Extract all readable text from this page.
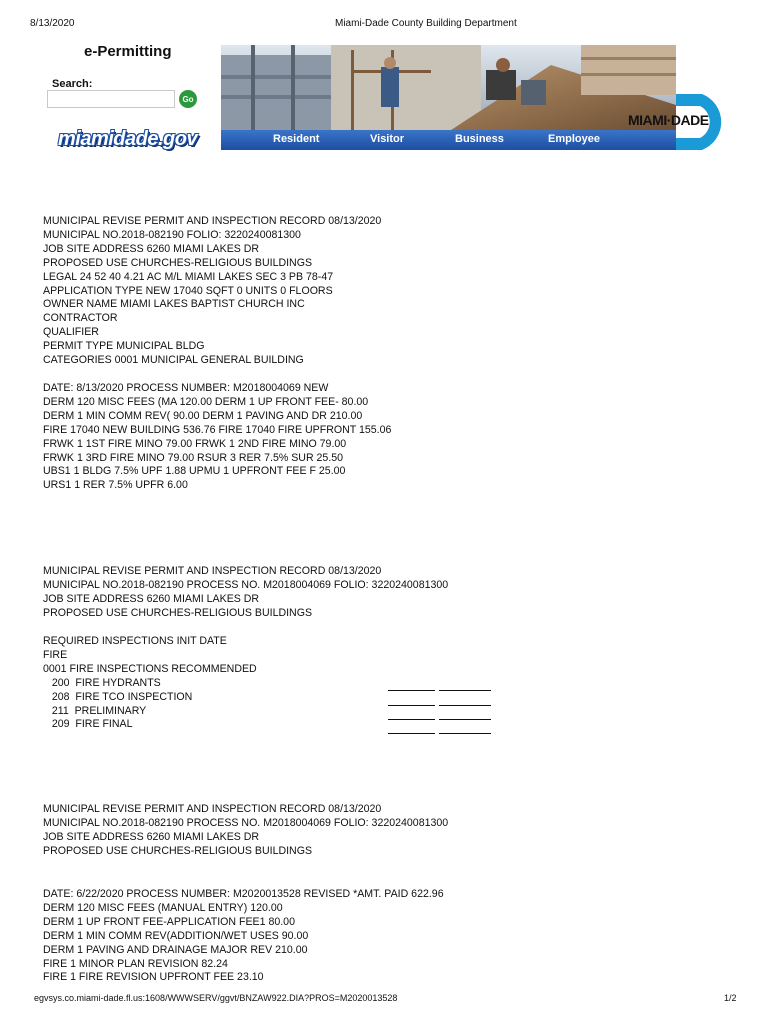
8/13/2020	Miami-Dade County Building Department
e-Permitting
Search:
Go
miamidade.gov	Resident	Visitor	Business	Employee
MIAMI·DADE
MUNICIPAL REVISE PERMIT AND INSPECTION RECORD 08/13/2020
MUNICIPAL NO.2018-082190 FOLIO: 3220240081300
JOB SITE ADDRESS 6260 MIAMI LAKES DR
PROPOSED USE CHURCHES-RELIGIOUS BUILDINGS
LEGAL 24 52 40 4.21 AC M/L MIAMI LAKES SEC 3 PB 78-47
APPLICATION TYPE NEW 17040 SQFT 0 UNITS 0 FLOORS
OWNER NAME MIAMI LAKES BAPTIST CHURCH INC
CONTRACTOR
QUALIFIER
PERMIT TYPE MUNICIPAL BLDG
CATEGORIES 0001 MUNICIPAL GENERAL BUILDING
DATE: 8/13/2020 PROCESS NUMBER: M2018004069 NEW
DERM 120 MISC FEES (MA 120.00 DERM 1 UP FRONT FEE- 80.00
DERM 1 MIN COMM REV( 90.00 DERM 1 PAVING AND DR 210.00
FIRE 17040 NEW BUILDING 536.76 FIRE 17040 FIRE UPFRONT 155.06
FRWK 1 1ST FIRE MINO 79.00 FRWK 1 2ND FIRE MINO 79.00
FRWK 1 3RD FIRE MINO 79.00 RSUR 3 RER 7.5% SUR 25.50
UBS1 1 BLDG 7.5% UPF 1.88 UPMU 1 UPFRONT FEE F 25.00
URS1 1 RER 7.5% UPFR 6.00
MUNICIPAL REVISE PERMIT AND INSPECTION RECORD 08/13/2020
MUNICIPAL NO.2018-082190 PROCESS NO. M2018004069 FOLIO: 3220240081300
JOB SITE ADDRESS 6260 MIAMI LAKES DR
PROPOSED USE CHURCHES-RELIGIOUS BUILDINGS
REQUIRED INSPECTIONS INIT DATE
FIRE
0001 FIRE INSPECTIONS RECOMMENDED
200  FIRE HYDRANTS
208  FIRE TCO INSPECTION
211  PRELIMINARY
209  FIRE FINAL
MUNICIPAL REVISE PERMIT AND INSPECTION RECORD 08/13/2020
MUNICIPAL NO.2018-082190 PROCESS NO. M2018004069 FOLIO: 3220240081300
JOB SITE ADDRESS 6260 MIAMI LAKES DR
PROPOSED USE CHURCHES-RELIGIOUS BUILDINGS
DATE: 6/22/2020 PROCESS NUMBER: M2020013528 REVISED *AMT. PAID 622.96
DERM 120 MISC FEES (MANUAL ENTRY) 120.00
DERM 1 UP FRONT FEE-APPLICATION FEE1 80.00
DERM 1 MIN COMM REV(ADDITION/WET USES 90.00
DERM 1 PAVING AND DRAINAGE MAJOR REV 210.00
FIRE 1 MINOR PLAN REVISION 82.24
FIRE 1 FIRE REVISION UPFRONT FEE 23.10
egvsys.co.miami-dade.fl.us:1608/WWWSERV/ggvt/BNZAW922.DIA?PROS=M2020013528	1/2
